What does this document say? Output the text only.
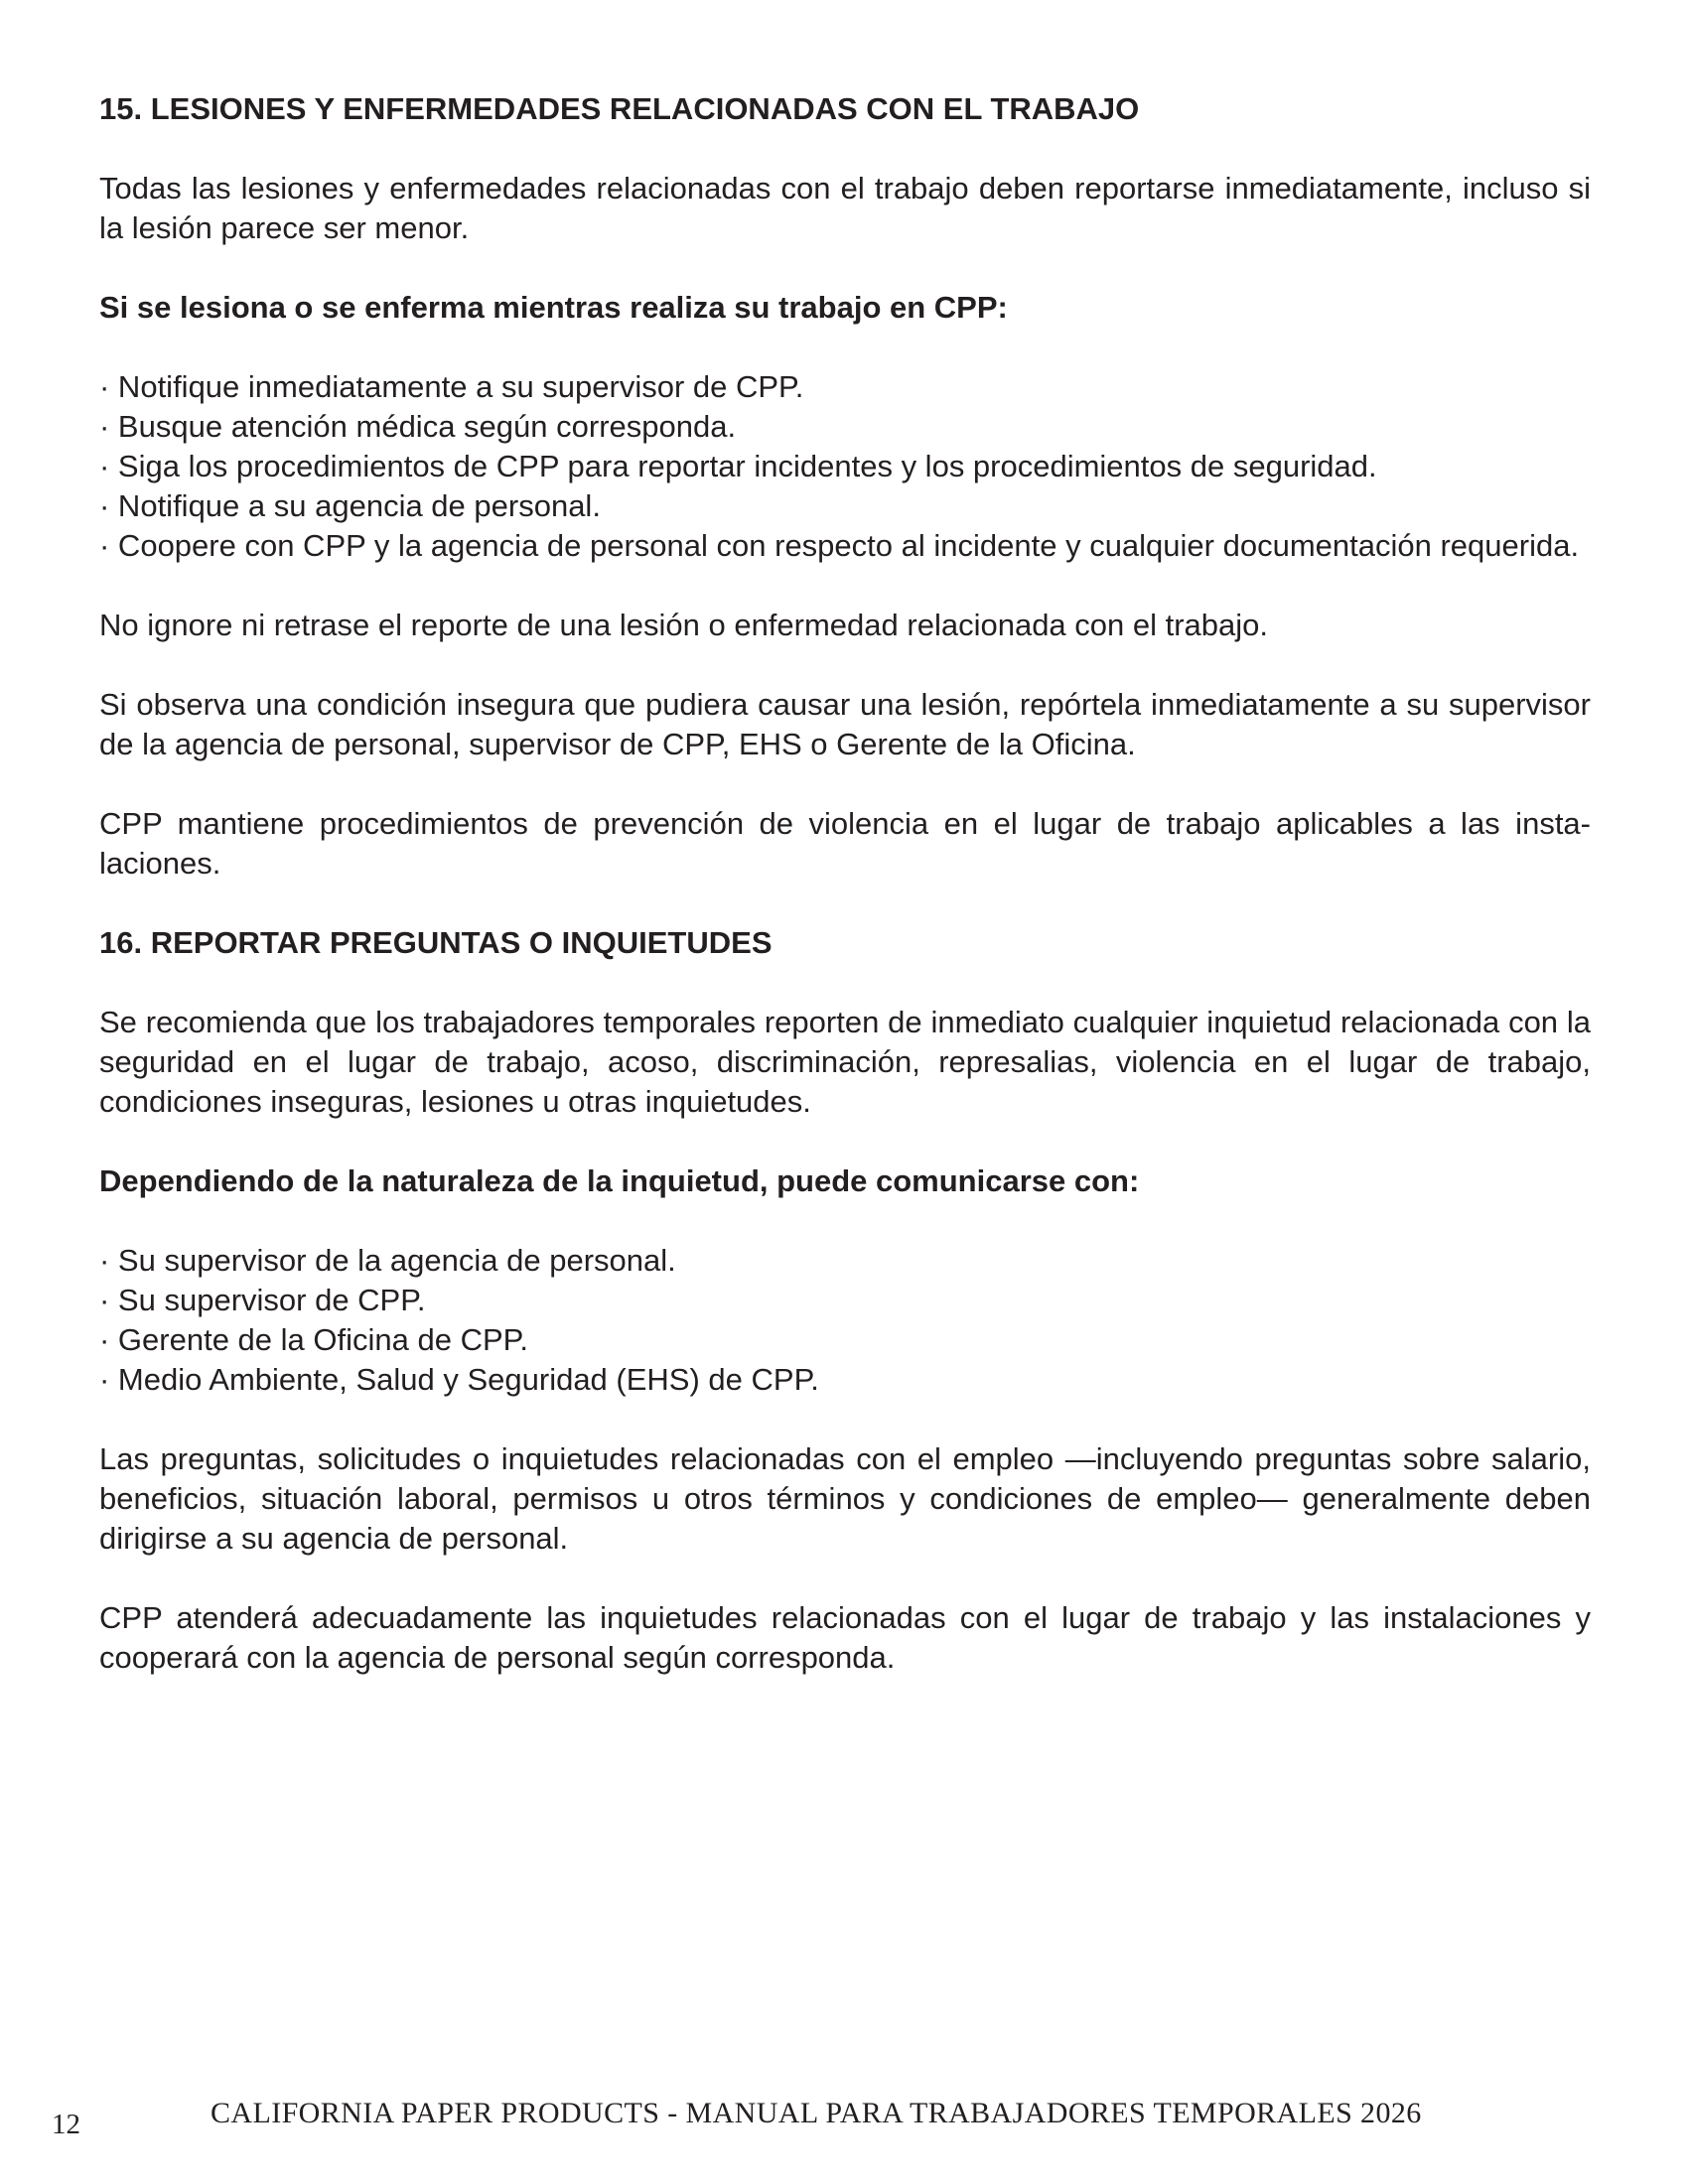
15. LESIONES Y ENFERMEDADES RELACIONADAS CON EL TRABAJO

Todas las lesiones y enfermedades relacionadas con el trabajo deben reportarse inmediatamente, incluso si la lesión parece ser menor.

Si se lesiona o se enferma mientras realiza su trabajo en CPP:

· Notifique inmediatamente a su supervisor de CPP.
· Busque atención médica según corresponda.
· Siga los procedimientos de CPP para reportar incidentes y los procedimientos de seguridad.
· Notifique a su agencia de personal.
· Coopere con CPP y la agencia de personal con respecto al incidente y cualquier documentación requerida.

No ignore ni retrase el reporte de una lesión o enfermedad relacionada con el trabajo.

Si observa una condición insegura que pudiera causar una lesión, repórtela inmediatamente a su supervisor de la agencia de personal, supervisor de CPP, EHS o Gerente de la Oficina.

CPP mantiene procedimientos de prevención de violencia en el lugar de trabajo aplicables a las instalaciones.

16. REPORTAR PREGUNTAS O INQUIETUDES

Se recomienda que los trabajadores temporales reporten de inmediato cualquier inquietud relacionada con la seguridad en el lugar de trabajo, acoso, discriminación, represalias, violencia en el lugar de trabajo, condiciones inseguras, lesiones u otras inquietudes.

Dependiendo de la naturaleza de la inquietud, puede comunicarse con:

· Su supervisor de la agencia de personal.
· Su supervisor de CPP.
· Gerente de la Oficina de CPP.
· Medio Ambiente, Salud y Seguridad (EHS) de CPP.

Las preguntas, solicitudes o inquietudes relacionadas con el empleo —incluyendo preguntas sobre salario, beneficios, situación laboral, permisos u otros términos y condiciones de empleo— generalmente deben dirigirse a su agencia de personal.

CPP atenderá adecuadamente las inquietudes relacionadas con el lugar de trabajo y las instalaciones y cooperará con la agencia de personal según corresponda.

12	CALIFORNIA PAPER PRODUCTS - MANUAL PARA TRABAJADORES TEMPORALES 2026
